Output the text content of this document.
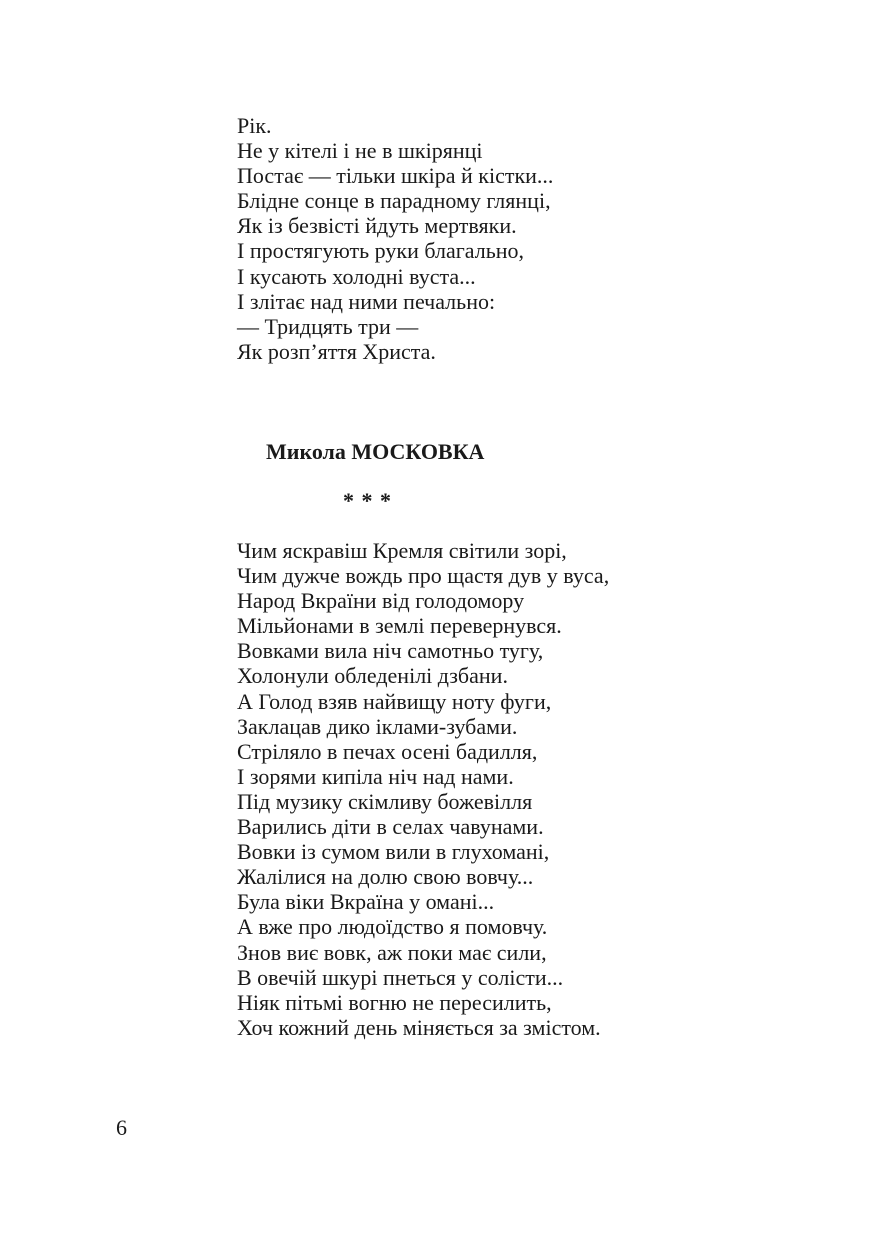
Рік.
Не у кітелі і не в шкірянці
Постає — тільки шкіра й кістки...
Блідне сонце в парадному глянці,
Як із безвісті йдуть мертвяки.
І простягують руки благально,
І кусають холодні вуста...
І злітає над ними печально:
— Тридцять три —
Як розп’яття Христа.
Микола МОСКОВКА
* * *
Чим яскравіш Кремля світили зорі,
Чим дужче вождь про щастя дув у вуса,
Народ Вкраїни від голодомору
Мільйонами в землі перевернувся.
Вовками вила ніч самотньо тугу,
Холонули обледенілі дзбани.
А Голод взяв найвищу ноту фуги,
Заклацав дико іклами-зубами.
Стріляло в печах осені бадилля,
І зорями кипіла ніч над нами.
Під музику скімливу божевілля
Варились діти в селах чавунами.
Вовки із сумом вили в глухомані,
Жалілися на долю свою вовчу...
Була віки Вкраїна у омані...
А вже про людоїдство я помовчу.
Знов виє вовк, аж поки має сили,
В овечій шкурі пнеться у солісти...
Ніяк пітьмі вогню не пересилить,
Хоч кожний день міняється за змістом.
6
